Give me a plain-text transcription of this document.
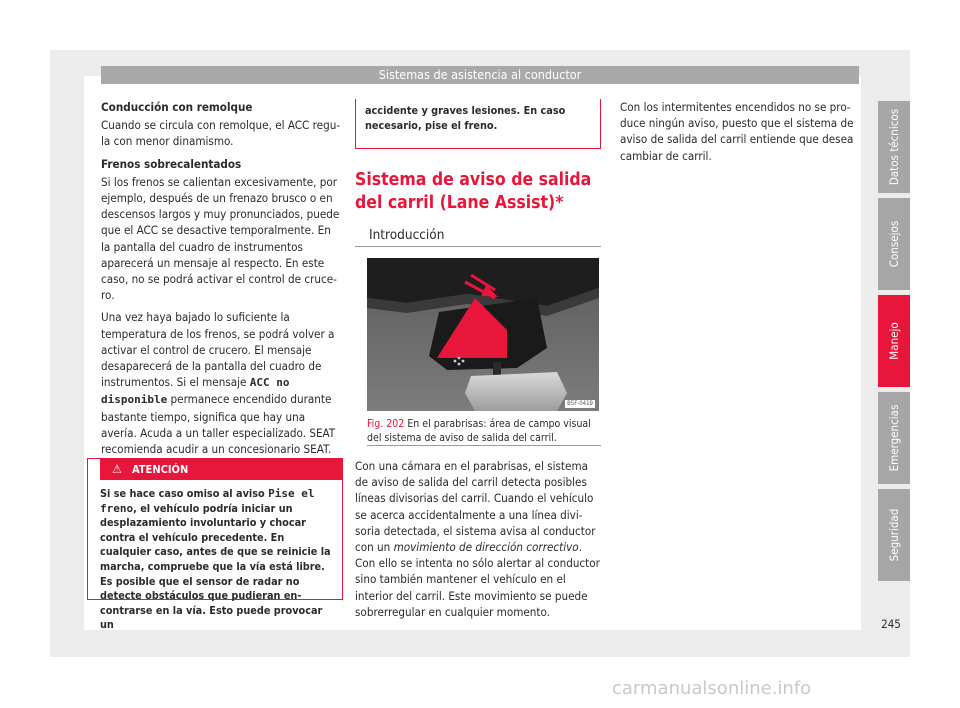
Sistemas de asistencia al conductor

Conducción con remolque

Cuando se circula con remolque, el ACC regula con menor dinamismo.

Frenos sobrecalentados

Si los frenos se calientan excesivamente, por ejemplo, después de un frenazo brusco o en descensos largos y muy pronunciados, puede que el ACC se desactive temporalmente. En la pantalla del cuadro de instrumentos aparecerá un mensaje al respecto. En este caso, no se podrá activar el control de crucero.

Una vez haya bajado lo suficiente la temperatura de los frenos, se podrá volver a activar el control de crucero. El mensaje desaparecerá de la pantalla del cuadro de instrumentos. Si el mensaje ACC no disponible permanece encendido durante bastante tiempo, significa que hay una avería. Acuda a un taller especializado. SEAT recomienda acudir a un concesionario SEAT.

⚠ ATENCIÓN
Si se hace caso omiso al aviso Pise el freno, el vehículo podría iniciar un desplazamiento involuntario y chocar contra el vehículo precedente. En cualquier caso, antes de que se reinicie la marcha, compruebe que la vía está libre. Es posible que el sensor de radar no detecte obstáculos que pudieran encontrarse en la vía. Esto puede provocar un
accidente y graves lesiones. En caso necesario, pise el freno.
Sistema de aviso de salida del carril (Lane Assist)*
Introducción
B5F-0419
Fig. 202 En el parabrisas: área de campo visual del sistema de aviso de salida del carril.
Con una cámara en el parabrisas, el sistema de aviso de salida del carril detecta posibles líneas divisorias del carril. Cuando el vehículo se acerca accidentalmente a una línea divisoria detectada, el sistema avisa al conductor con un movimiento de dirección correctivo. Con ello se intenta no sólo alertar al conductor sino también mantener el vehículo en el interior del carril. Este movimiento se puede sobrerregular en cualquier momento.

Con los intermitentes encendidos no se produce ningún aviso, puesto que el sistema de aviso de salida del carril entiende que desea cambiar de carril.	Datos técnicos
Consejos
Manejo
Emergencias
Seguridad
245
carmanualsonline.info
